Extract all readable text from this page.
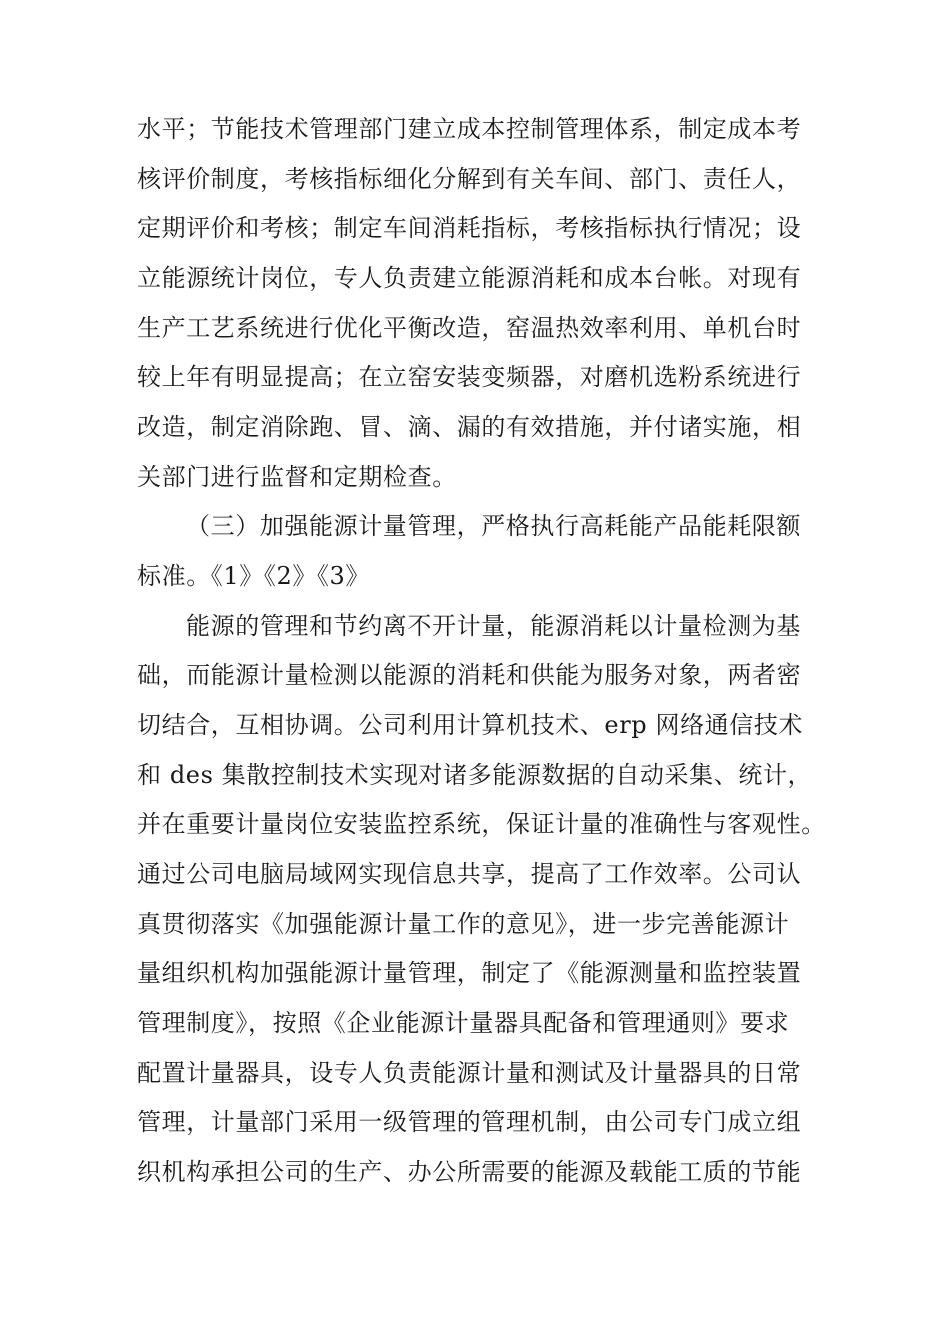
水平；节能技术管理部门建立成本控制管理体系，制定成本考
核评价制度，考核指标细化分解到有关车间、部门、责任人，
定期评价和考核；制定车间消耗指标，考核指标执行情况；设
立能源统计岗位，专人负责建立能源消耗和成本台帐。对现有
生产工艺系统进行优化平衡改造，窑温热效率利用、单机台时
较上年有明显提高；在立窑安装变频器，对磨机选粉系统进行
改造，制定消除跑、冒、滴、漏的有效措施，并付诸实施，相
关部门进行监督和定期检查。
（三）加强能源计量管理，严格执行高耗能产品能耗限额
标准。《1》《2》《3》
能源的管理和节约离不开计量，能源消耗以计量检测为基
础，而能源计量检测以能源的消耗和供能为服务对象，两者密
切结合，互相协调。公司利用计算机技术、erp 网络通信技术
和 des 集散控制技术实现对诸多能源数据的自动采集、统计，
并在重要计量岗位安装监控系统，保证计量的准确性与客观性。
通过公司电脑局域网实现信息共享，提高了工作效率。公司认
真贯彻落实《加强能源计量工作的意见》，进一步完善能源计
量组织机构加强能源计量管理，制定了《能源测量和监控装置
管理制度》，按照《企业能源计量器具配备和管理通则》要求
配置计量器具，设专人负责能源计量和测试及计量器具的日常
管理，计量部门采用一级管理的管理机制，由公司专门成立组
织机构承担公司的生产、办公所需要的能源及载能工质的节能
